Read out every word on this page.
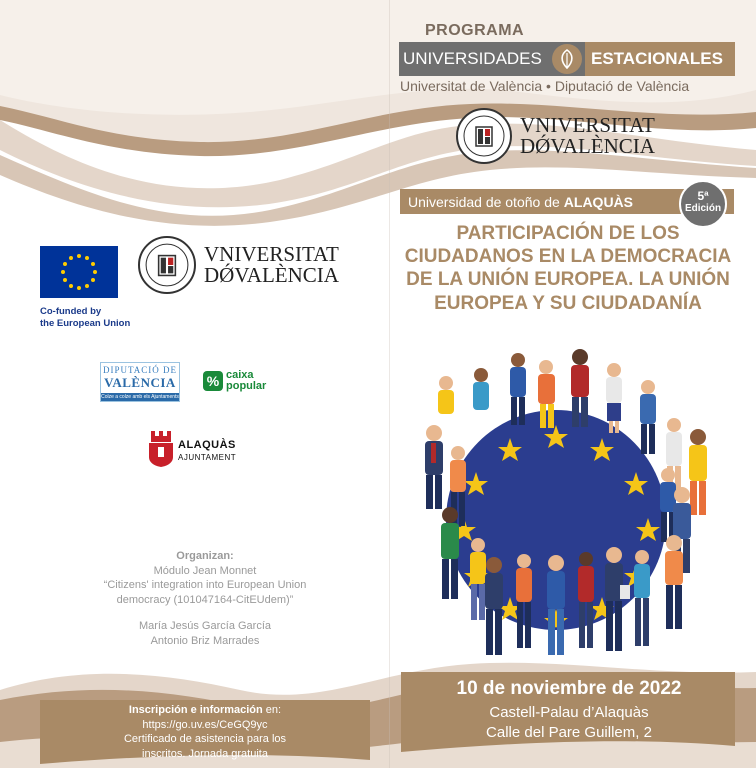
PROGRAMA
UNIVERSIDADES	ESTACIONALES
Universitat de València • Diputació de València
VNIVERSITAT
DǾVALÈNCIA
Universidad de otoño de ALAQUÀS	5ª
Edición
PARTICIPACIÓN DE LOS CIUDADANOS EN LA DEMOCRACIA DE LA UNIÓN EUROPEA. LA UNIÓN EUROPEA Y SU CIUDADANÍA
10 de noviembre de 2022
Castell-Palau d’Alaquàs
Calle del Pare Guillem, 2
Co-funded by
the European Union
VNIVERSITAT
DǾVALÈNCIA
DIPUTACIÓ DE
VALÈNCIA
Colze a colze amb els Ajuntaments
% caixa
popular
ALAQUÀS
AJUNTAMENT
Organizan:
Módulo Jean Monnet
“Citizens' integration into European Union
democracy (101047164-CitEUdem)”
María Jesús García García
Antonio Briz Marrades
Inscripción e información en:
https://go.uv.es/CeGQ9yc
Certificado de asistencia para los
inscritos. Jornada gratuita
